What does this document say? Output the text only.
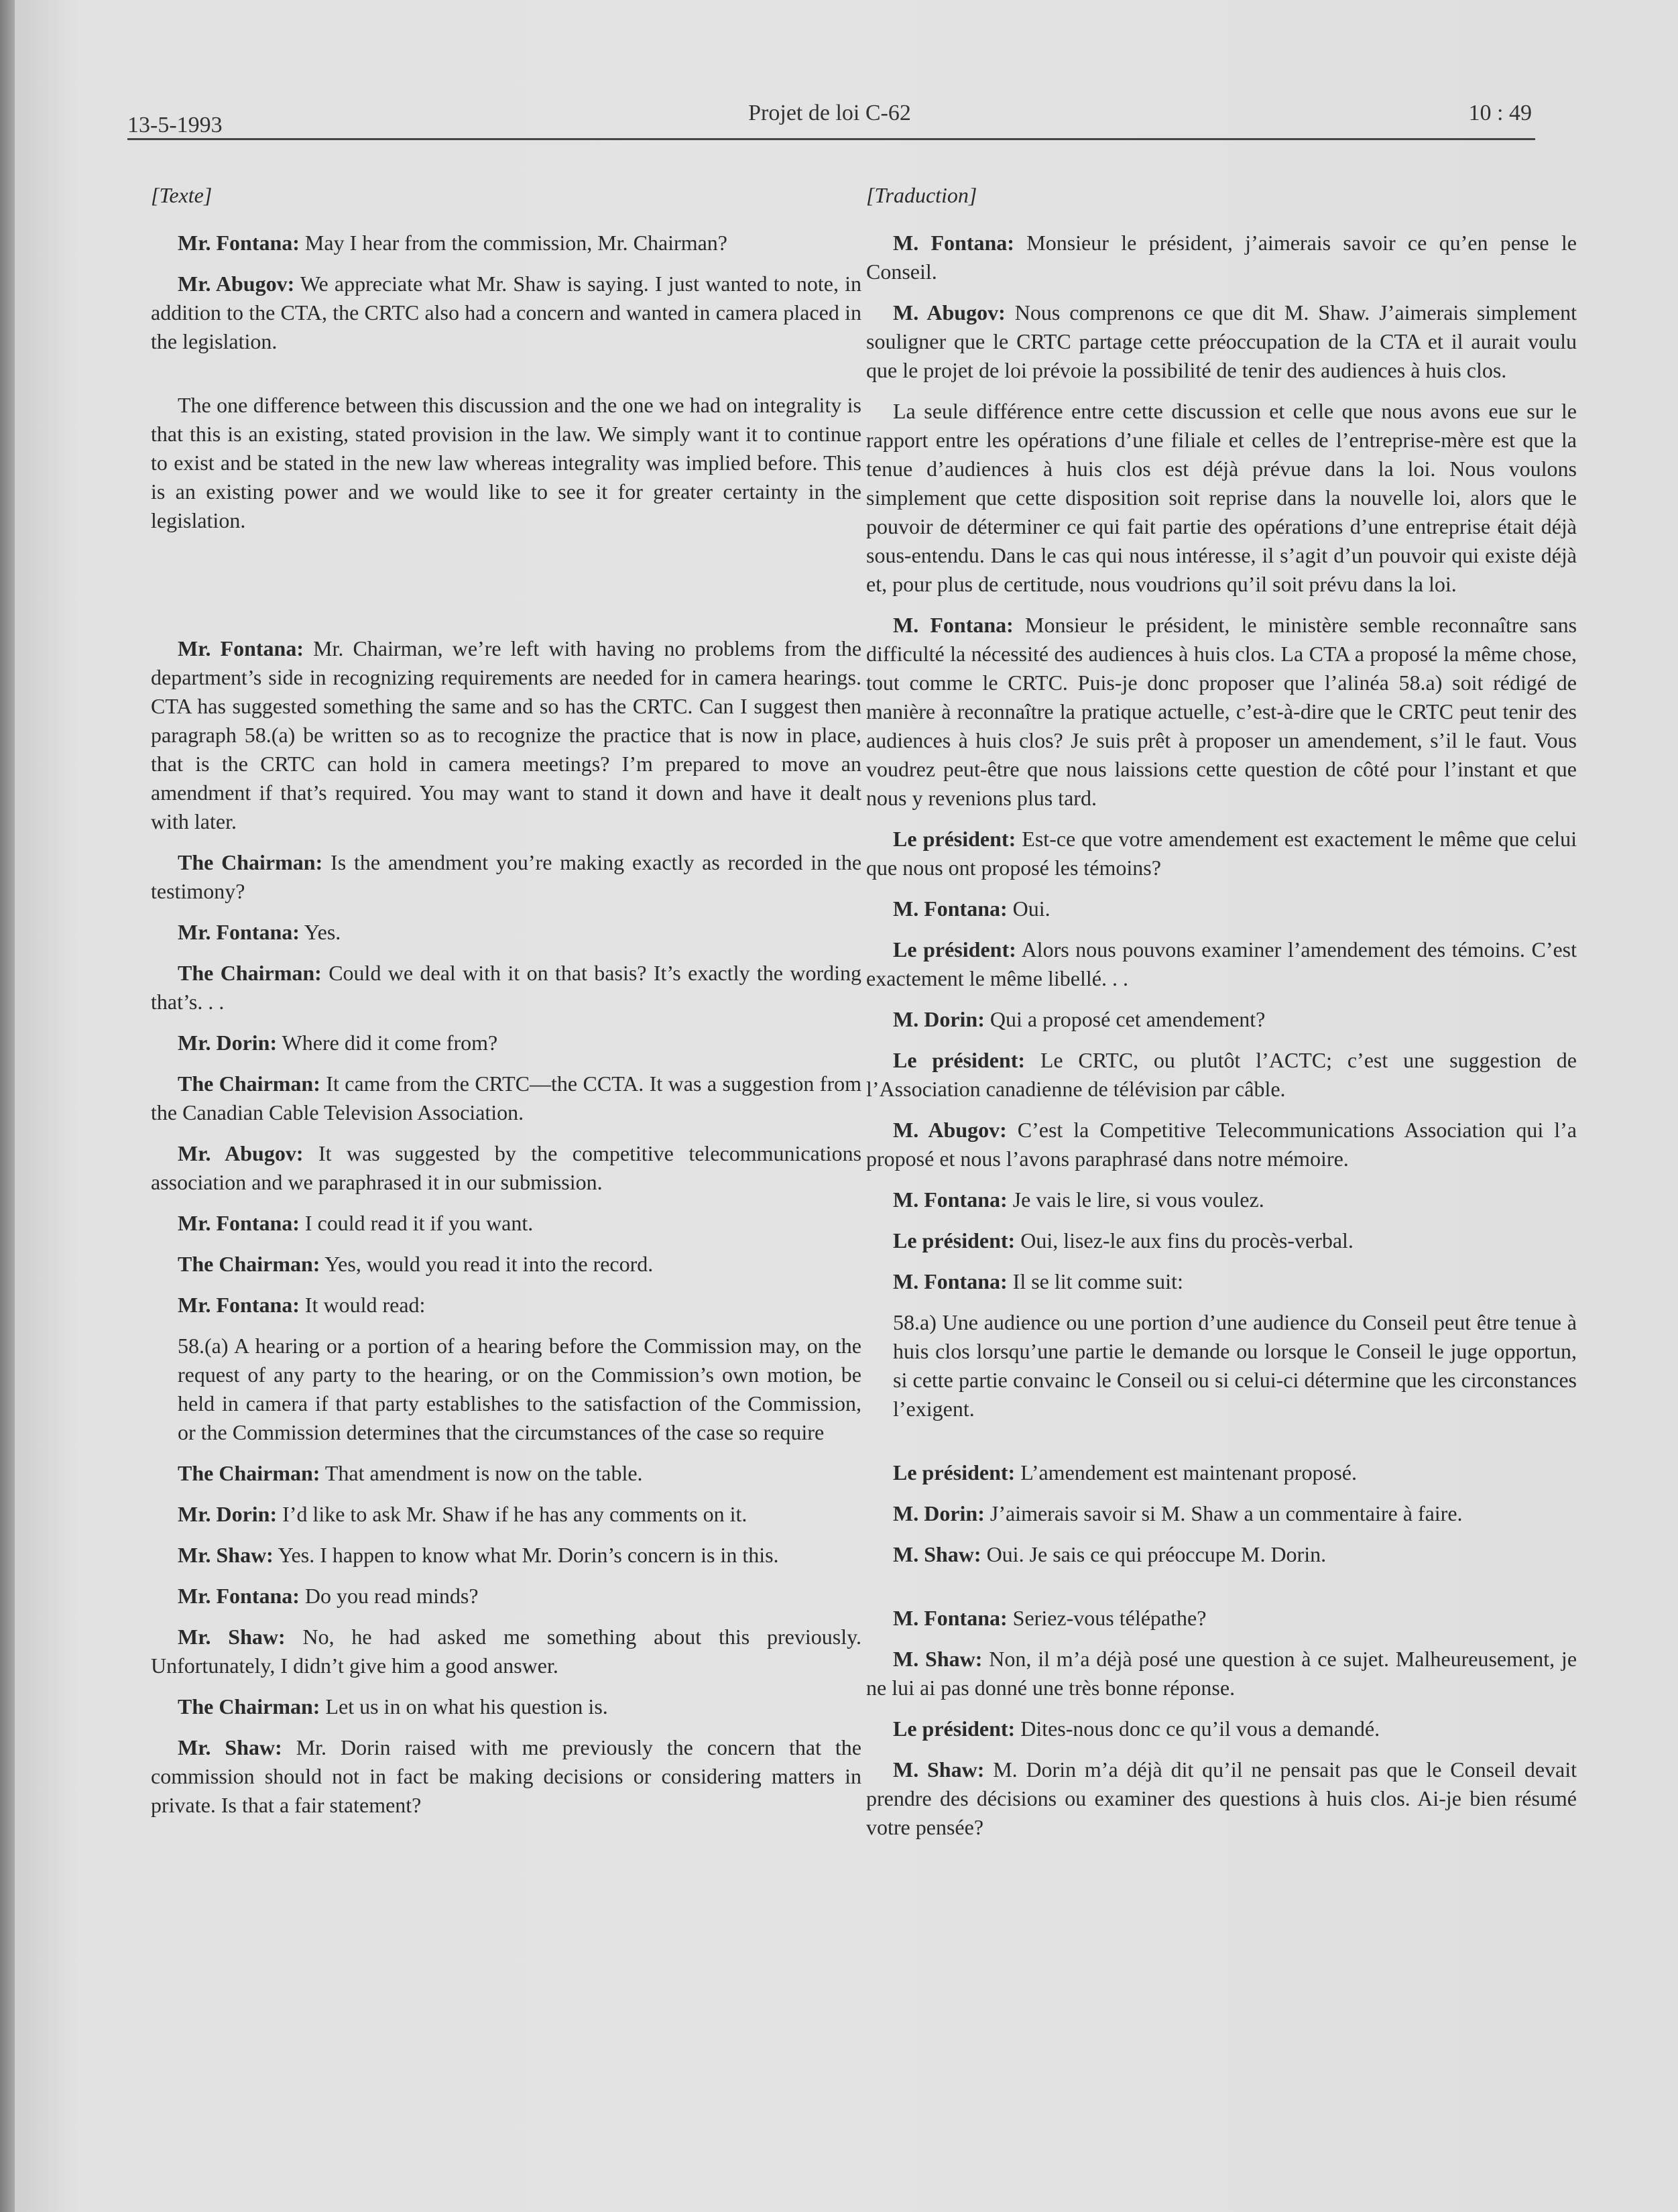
13-5-1993	Projet de loi C-62	10 : 49
[Texte]

Mr. Fontana: May I hear from the commission, Mr. Chairman?

Mr. Abugov: We appreciate what Mr. Shaw is saying. I just wanted to note, in addition to the CTA, the CRTC also had a concern and wanted in camera placed in the legislation.

The one difference between this discussion and the one we had on integrality is that this is an existing, stated provision in the law. We simply want it to continue to exist and be stated in the new law whereas integrality was implied before. This is an existing power and we would like to see it for greater certainty in the legislation.

Mr. Fontana: Mr. Chairman, we’re left with having no problems from the department’s side in recognizing requirements are needed for in camera hearings. CTA has suggested something the same and so has the CRTC. Can I suggest then paragraph 58.(a) be written so as to recognize the practice that is now in place, that is the CRTC can hold in camera meetings? I’m prepared to move an amendment if that’s required. You may want to stand it down and have it dealt with later.

The Chairman: Is the amendment you’re making exactly as recorded in the testimony?

Mr. Fontana: Yes.

The Chairman: Could we deal with it on that basis? It’s exactly the wording that’s. . .

Mr. Dorin: Where did it come from?

The Chairman: It came from the CRTC—the CCTA. It was a suggestion from the Canadian Cable Television Association.

Mr. Abugov: It was suggested by the competitive telecommunications association and we paraphrased it in our submission.

Mr. Fontana: I could read it if you want.

The Chairman: Yes, would you read it into the record.

Mr. Fontana: It would read:

58.(a) A hearing or a portion of a hearing before the Commission may, on the request of any party to the hearing, or on the Commission’s own motion, be held in camera if that party establishes to the satisfaction of the Commission, or the Commission determines that the circumstances of the case so require

The Chairman: That amendment is now on the table.

Mr. Dorin: I’d like to ask Mr. Shaw if he has any comments on it.

Mr. Shaw: Yes. I happen to know what Mr. Dorin’s concern is in this.

Mr. Fontana: Do you read minds?

Mr. Shaw: No, he had asked me something about this previously. Unfortunately, I didn’t give him a good answer.

The Chairman: Let us in on what his question is.

Mr. Shaw: Mr. Dorin raised with me previously the concern that the commission should not in fact be making decisions or considering matters in private. Is that a fair statement?

[Traduction]

M. Fontana: Monsieur le président, j’aimerais savoir ce qu’en pense le Conseil.

M. Abugov: Nous comprenons ce que dit M. Shaw. J’aimerais simplement souligner que le CRTC partage cette préoccupation de la CTA et il aurait voulu que le projet de loi prévoie la possibilité de tenir des audiences à huis clos.

La seule différence entre cette discussion et celle que nous avons eue sur le rapport entre les opérations d’une filiale et celles de l’entreprise-mère est que la tenue d’audiences à huis clos est déjà prévue dans la loi. Nous voulons simplement que cette disposition soit reprise dans la nouvelle loi, alors que le pouvoir de déterminer ce qui fait partie des opérations d’une entreprise était déjà sous-entendu. Dans le cas qui nous intéresse, il s’agit d’un pouvoir qui existe déjà et, pour plus de certitude, nous voudrions qu’il soit prévu dans la loi.

M. Fontana: Monsieur le président, le ministère semble reconnaître sans difficulté la nécessité des audiences à huis clos. La CTA a proposé la même chose, tout comme le CRTC. Puis-je donc proposer que l’alinéa 58.a) soit rédigé de manière à reconnaître la pratique actuelle, c’est-à-dire que le CRTC peut tenir des audiences à huis clos? Je suis prêt à proposer un amendement, s’il le faut. Vous voudrez peut-être que nous laissions cette question de côté pour l’instant et que nous y revenions plus tard.

Le président: Est-ce que votre amendement est exactement le même que celui que nous ont proposé les témoins?

M. Fontana: Oui.

Le président: Alors nous pouvons examiner l’amendement des témoins. C’est exactement le même libellé. . .

M. Dorin: Qui a proposé cet amendement?

Le président: Le CRTC, ou plutôt l’ACTC; c’est une suggestion de l’Association canadienne de télévision par câble.

M. Abugov: C’est la Competitive Telecommunications Association qui l’a proposé et nous l’avons paraphrasé dans notre mémoire.

M. Fontana: Je vais le lire, si vous voulez.

Le président: Oui, lisez-le aux fins du procès-verbal.

M. Fontana: Il se lit comme suit:

58.a) Une audience ou une portion d’une audience du Conseil peut être tenue à huis clos lorsqu’une partie le demande ou lorsque le Conseil le juge opportun, si cette partie convainc le Conseil ou si celui-ci détermine que les circonstances l’exigent.

Le président: L’amendement est maintenant proposé.

M. Dorin: J’aimerais savoir si M. Shaw a un commentaire à faire.

M. Shaw: Oui. Je sais ce qui préoccupe M. Dorin.

M. Fontana: Seriez-vous télépathe?

M. Shaw: Non, il m’a déjà posé une question à ce sujet. Malheureusement, je ne lui ai pas donné une très bonne réponse.

Le président: Dites-nous donc ce qu’il vous a demandé.

M. Shaw: M. Dorin m’a déjà dit qu’il ne pensait pas que le Conseil devait prendre des décisions ou examiner des questions à huis clos. Ai-je bien résumé votre pensée?
